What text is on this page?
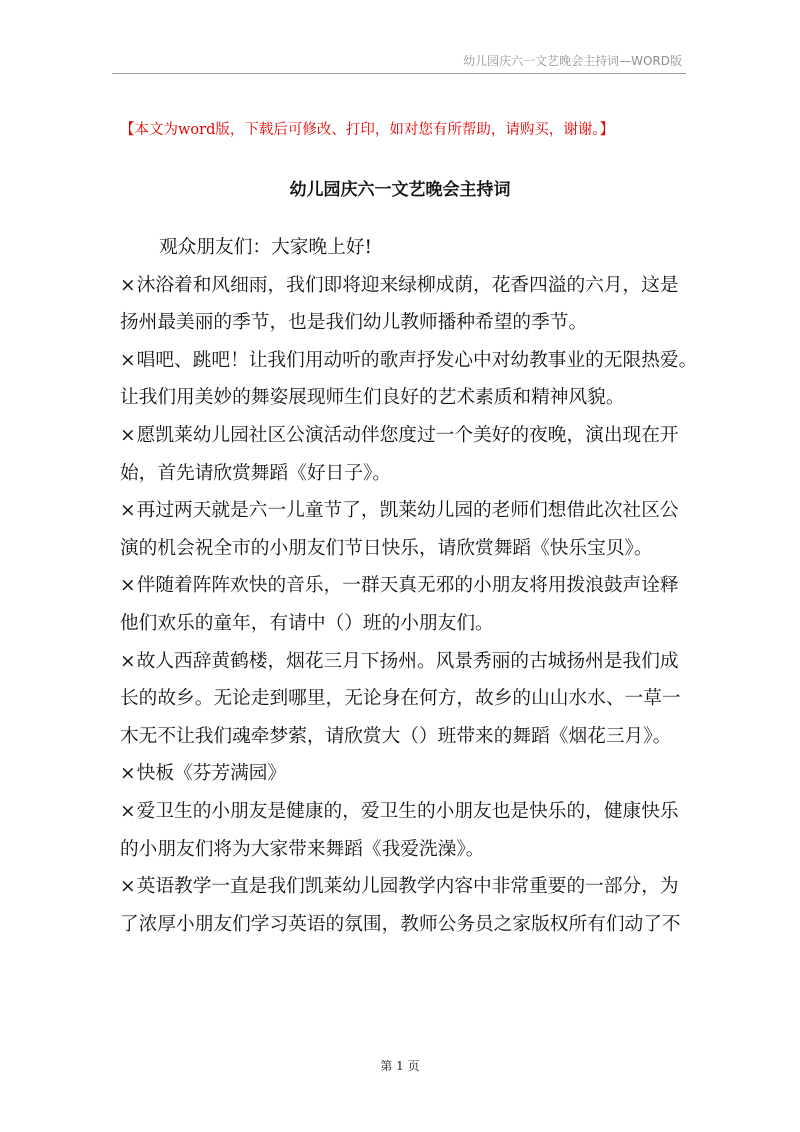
幼儿园庆六一文艺晚会主持词—WORD版
【本文为word版，下载后可修改、打印，如对您有所帮助，请购买，谢谢。】
幼儿园庆六一文艺晚会主持词

观众朋友们：大家晚上好!

×沐浴着和风细雨，我们即将迎来绿柳成荫，花香四溢的六月，这是

扬州最美丽的季节，也是我们幼儿教师播种希望的季节。

×唱吧、跳吧！让我们用动听的歌声抒发心中对幼教事业的无限热爱。

让我们用美妙的舞姿展现师生们良好的艺术素质和精神风貌。

×愿凯莱幼儿园社区公演活动伴您度过一个美好的夜晚，演出现在开

始，首先请欣赏舞蹈《好日子》。

×再过两天就是六一儿童节了，凯莱幼儿园的老师们想借此次社区公

演的机会祝全市的小朋友们节日快乐，请欣赏舞蹈《快乐宝贝》。

×伴随着阵阵欢快的音乐，一群天真无邪的小朋友将用拨浪鼓声诠释

他们欢乐的童年，有请中（）班的小朋友们。

×故人西辞黄鹤楼，烟花三月下扬州。风景秀丽的古城扬州是我们成

长的故乡。无论走到哪里，无论身在何方，故乡的山山水水、一草一

木无不让我们魂牵梦萦，请欣赏大（）班带来的舞蹈《烟花三月》。

×快板《芬芳满园》

×爱卫生的小朋友是健康的，爱卫生的小朋友也是快乐的，健康快乐

的小朋友们将为大家带来舞蹈《我爱洗澡》。

×英语教学一直是我们凯莱幼儿园教学内容中非常重要的一部分，为

了浓厚小朋友们学习英语的氛围，教师公务员之家版权所有们动了不

第 1 页
